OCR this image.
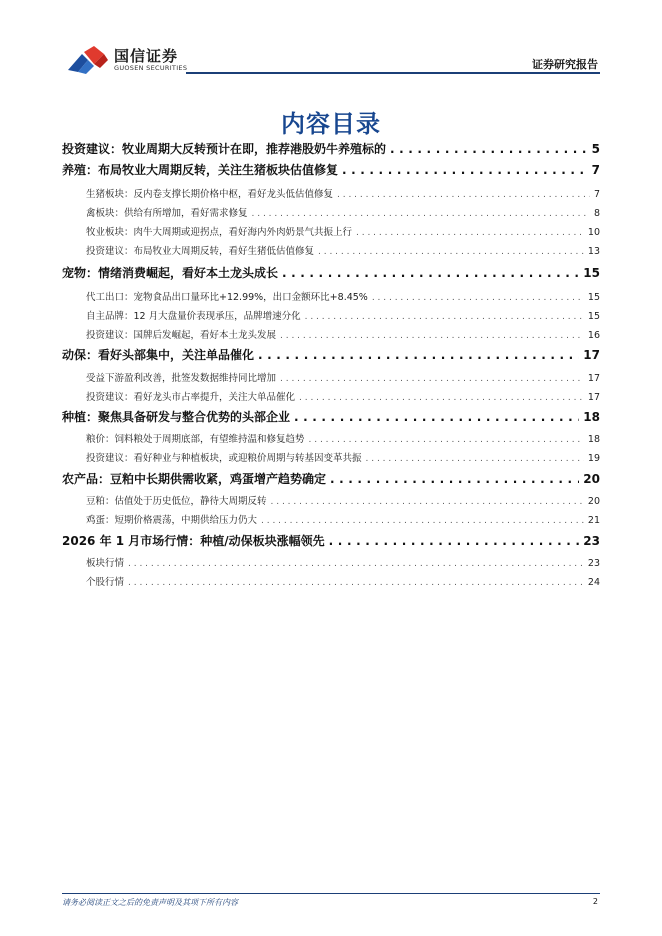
国信证券
GUOSEN SECURITIES	证券研究报告
内容目录
投资建议：牧业周期大反转预计在即，推荐港股奶牛养殖标的 . . .	5
养殖：布局牧业大周期反转，关注生猪板块估值修复 . . .	7
生猪板块：反内卷支撑长期价格中枢，看好龙头低估值修复 . . .	7
禽板块：供给有所增加，看好需求修复 . . .	8
牧业板块：肉牛大周期或迎拐点，看好海内外肉奶景气共振上行 . . .	10
投资建议：布局牧业大周期反转，看好生猪低估值修复 . . .	13
宠物：情绪消费崛起，看好本土龙头成长 . . .	15
代工出口：宠物食品出口量环比+12.99%，出口金额环比+8.45% . . .	15
自主品牌：12 月大盘量价表现承压，品牌增速分化 . . .	15
投资建议：国牌后发崛起，看好本土龙头发展 . . .	16
动保：看好头部集中，关注单品催化 . . .	17
受益下游盈利改善，批签发数据维持同比增加 . . .	17
投资建议：看好龙头市占率提升，关注大单品催化 . . .	17
种植：聚焦具备研发与整合优势的头部企业 . . .	18
粮价：饲料粮处于周期底部，有望维持温和修复趋势 . . .	18
投资建议：看好种业与种植板块，或迎粮价周期与转基因变革共振 . . .	19
农产品：豆粕中长期供需收紧，鸡蛋增产趋势确定 . . .	20
豆粕：估值处于历史低位，静待大周期反转 . . .	20
鸡蛋：短期价格震荡，中期供给压力仍大 . . .	21
2026 年 1 月市场行情：种植/动保板块涨幅领先 . . .	23
板块行情 . . .	23
个股行情 . . .	24
请务必阅读正文之后的免责声明及其项下所有内容	2
